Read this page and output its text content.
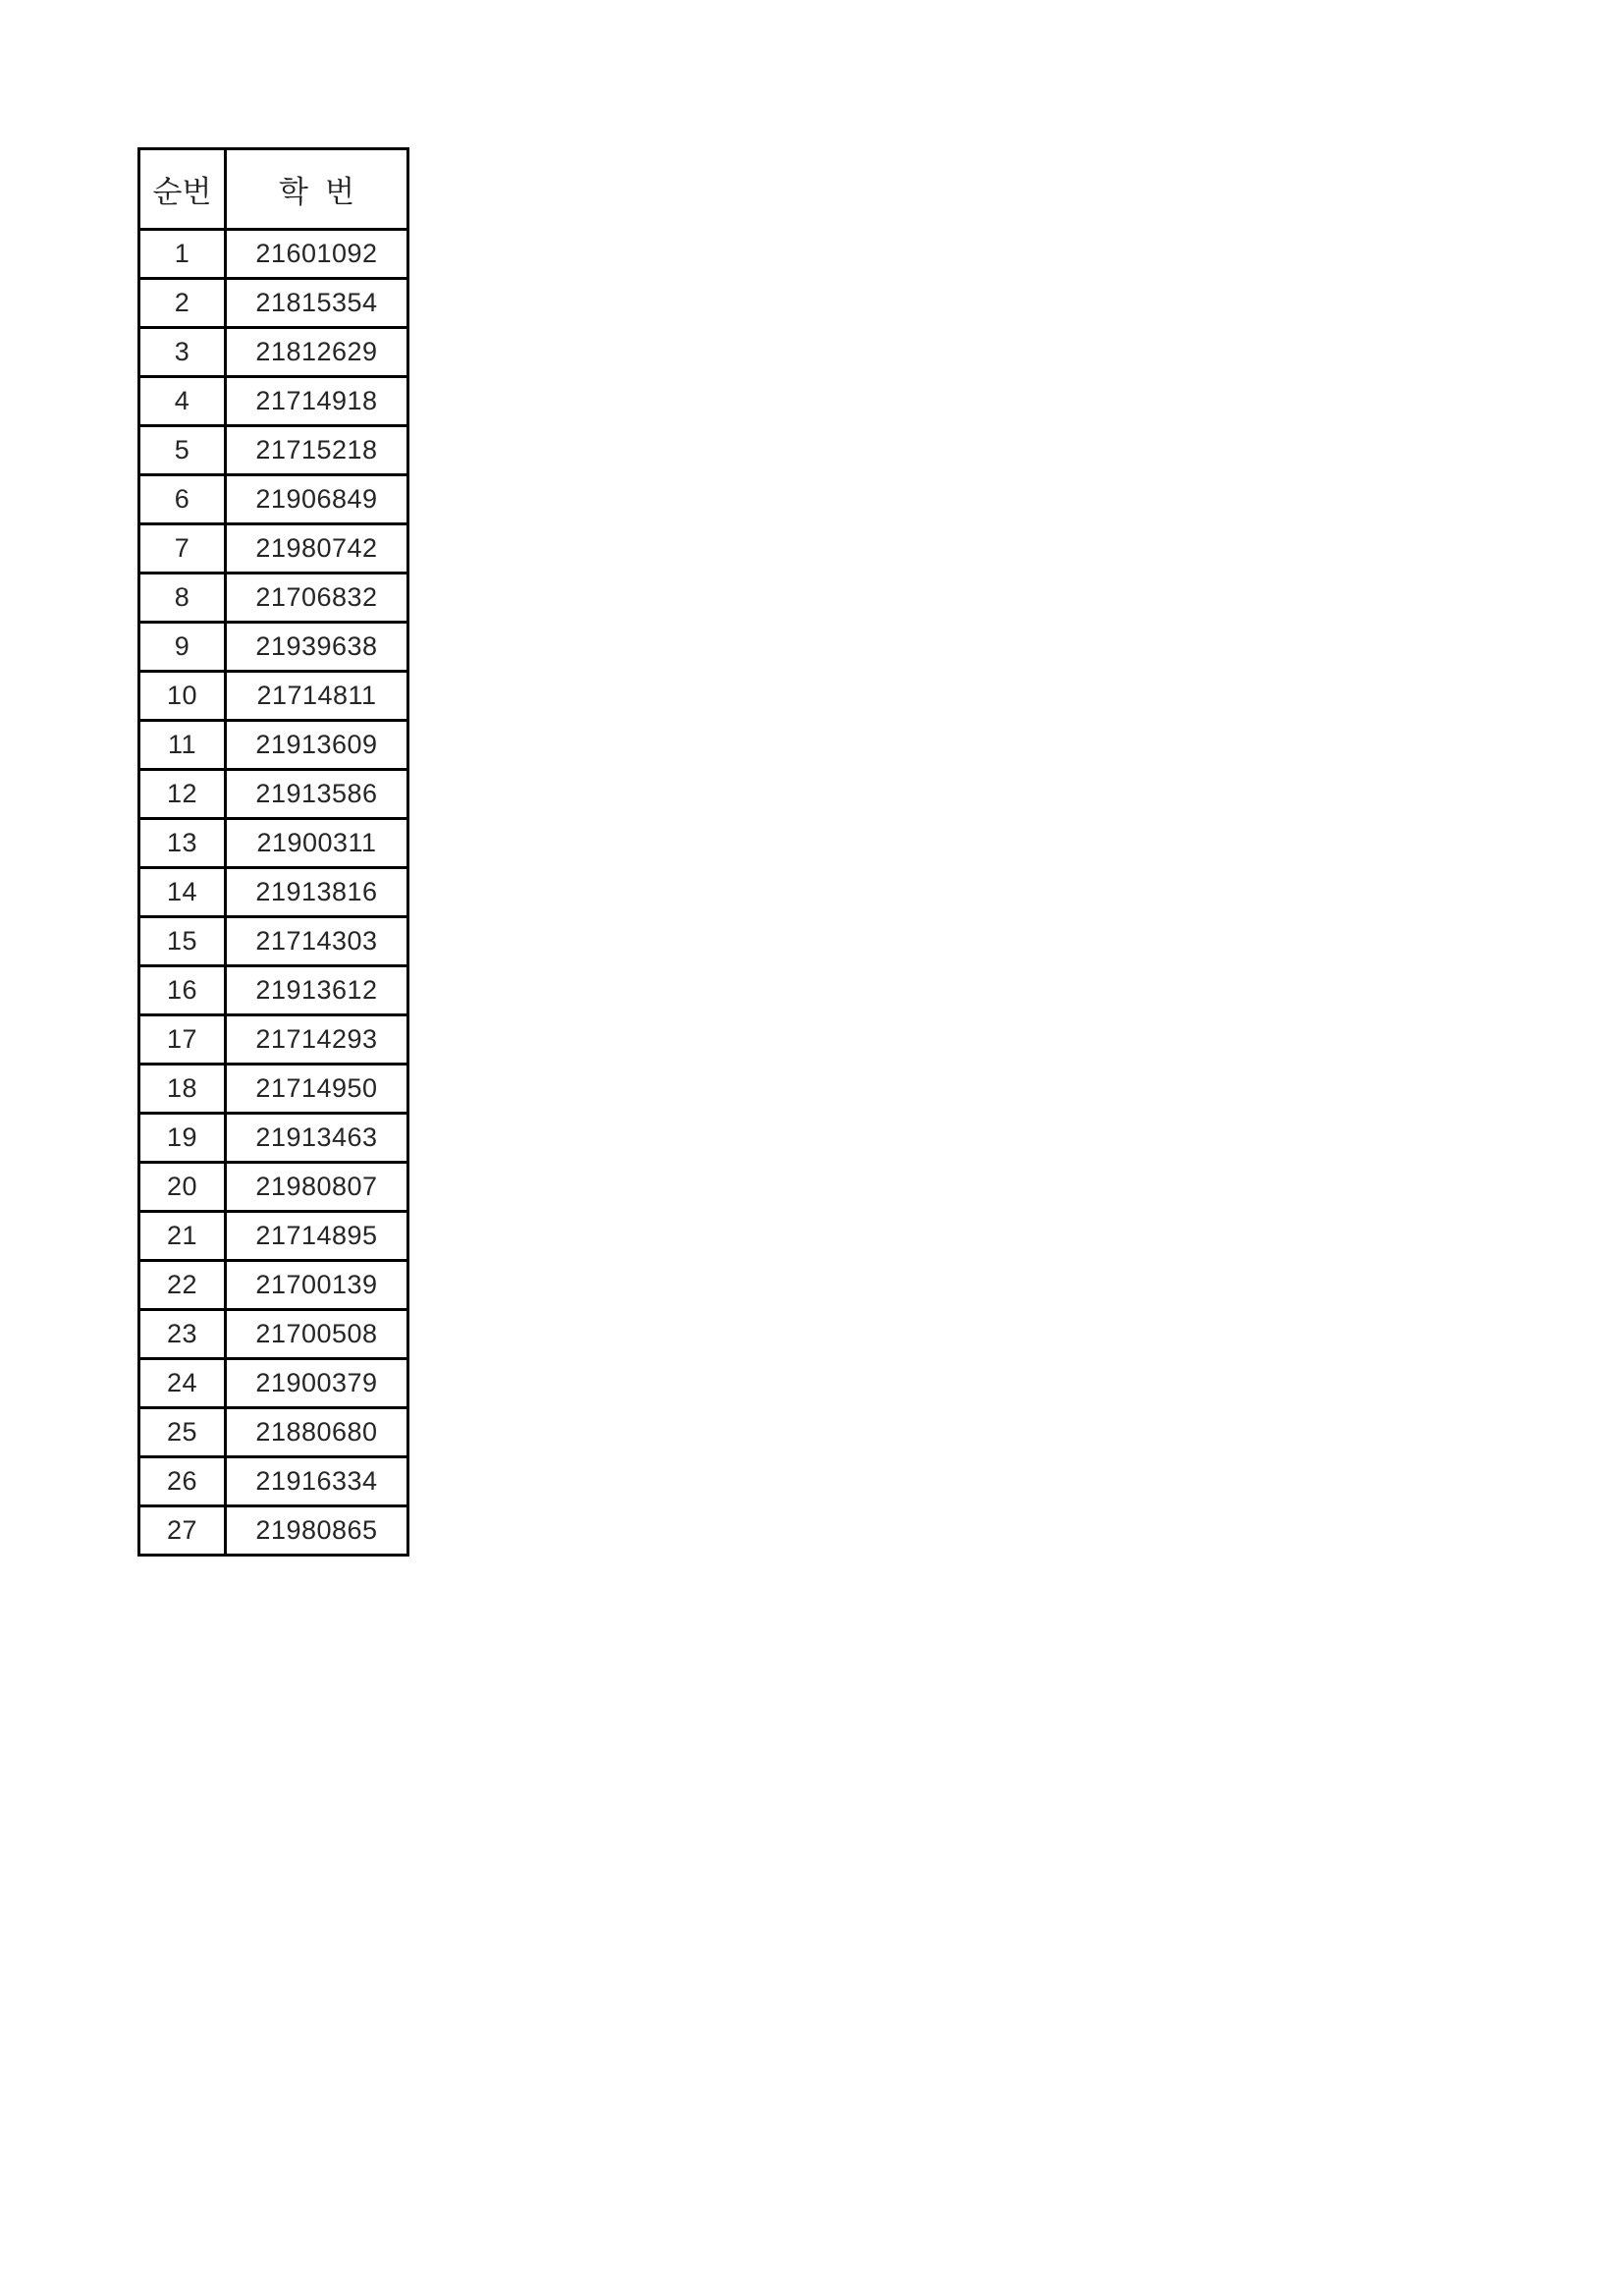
순번	학  번
1	21601092
2	21815354
3	21812629
4	21714918
5	21715218
6	21906849
7	21980742
8	21706832
9	21939638
10	21714811
11	21913609
12	21913586
13	21900311
14	21913816
15	21714303
16	21913612
17	21714293
18	21714950
19	21913463
20	21980807
21	21714895
22	21700139
23	21700508
24	21900379
25	21880680
26	21916334
27	21980865
